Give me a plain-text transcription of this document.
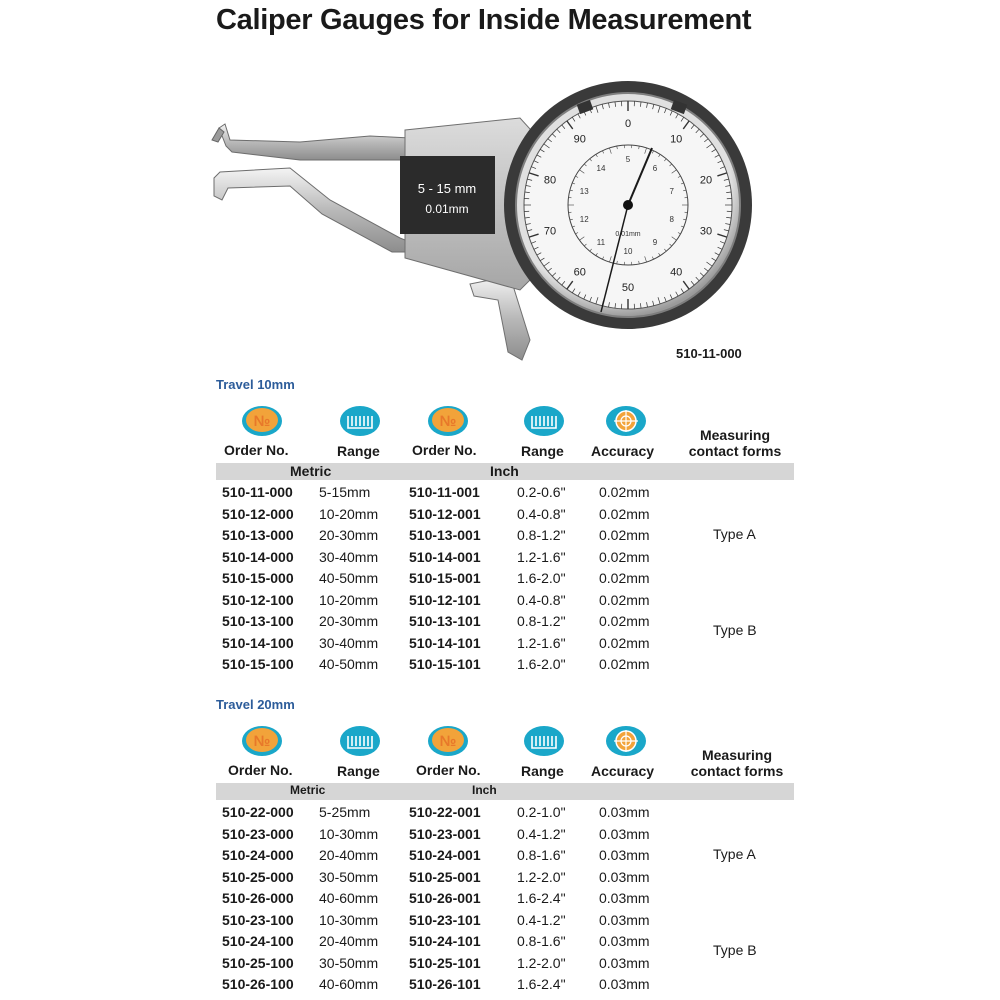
Caliper Gauges for Inside Measurement
5 - 15 mm
0.01mm
0
10
20
30
40
50
60
70
80
90
5
6
7
8
9
10
11
12
13
14
0.01mm
510-11-000
Travel 10mm
№	№
Order No.	Range Order No.	Range Accuracy
Measuring
contact forms
Metric	Inch
510-11-000 5-15mm	510-11-001	0.2-0.6" 0.02mm
510-12-000 10-20mm 510-12-001	0.4-0.8" 0.02mm
510-13-000 20-30mm 510-13-001	0.8-1.2" 0.02mm
510-14-000 30-40mm 510-14-001	1.2-1.6" 0.02mm
510-15-000 40-50mm 510-15-001	1.6-2.0" 0.02mm
510-12-100 10-20mm 510-12-101	0.4-0.8" 0.02mm
510-13-100 20-30mm 510-13-101	0.8-1.2" 0.02mm
510-14-100 30-40mm 510-14-101	1.2-1.6" 0.02mm
510-15-100 40-50mm 510-15-101	1.6-2.0" 0.02mm
Type A
Type B
Travel 20mm
№	№
Order No.	Range	Order No.	Range Accuracy
Measuring
contact forms
Metric	Inch
510-22-000 5-25mm	510-22-001	0.2-1.0" 0.03mm
510-23-000 10-30mm 510-23-001	0.4-1.2" 0.03mm
510-24-000 20-40mm 510-24-001	0.8-1.6" 0.03mm
510-25-000 30-50mm 510-25-001	1.2-2.0" 0.03mm
510-26-000 40-60mm 510-26-001	1.6-2.4" 0.03mm
510-23-100 10-30mm 510-23-101	0.4-1.2" 0.03mm
510-24-100 20-40mm 510-24-101	0.8-1.6" 0.03mm
510-25-100 30-50mm 510-25-101	1.2-2.0" 0.03mm
510-26-100 40-60mm 510-26-101	1.6-2.4" 0.03mm
Type A
Type B
